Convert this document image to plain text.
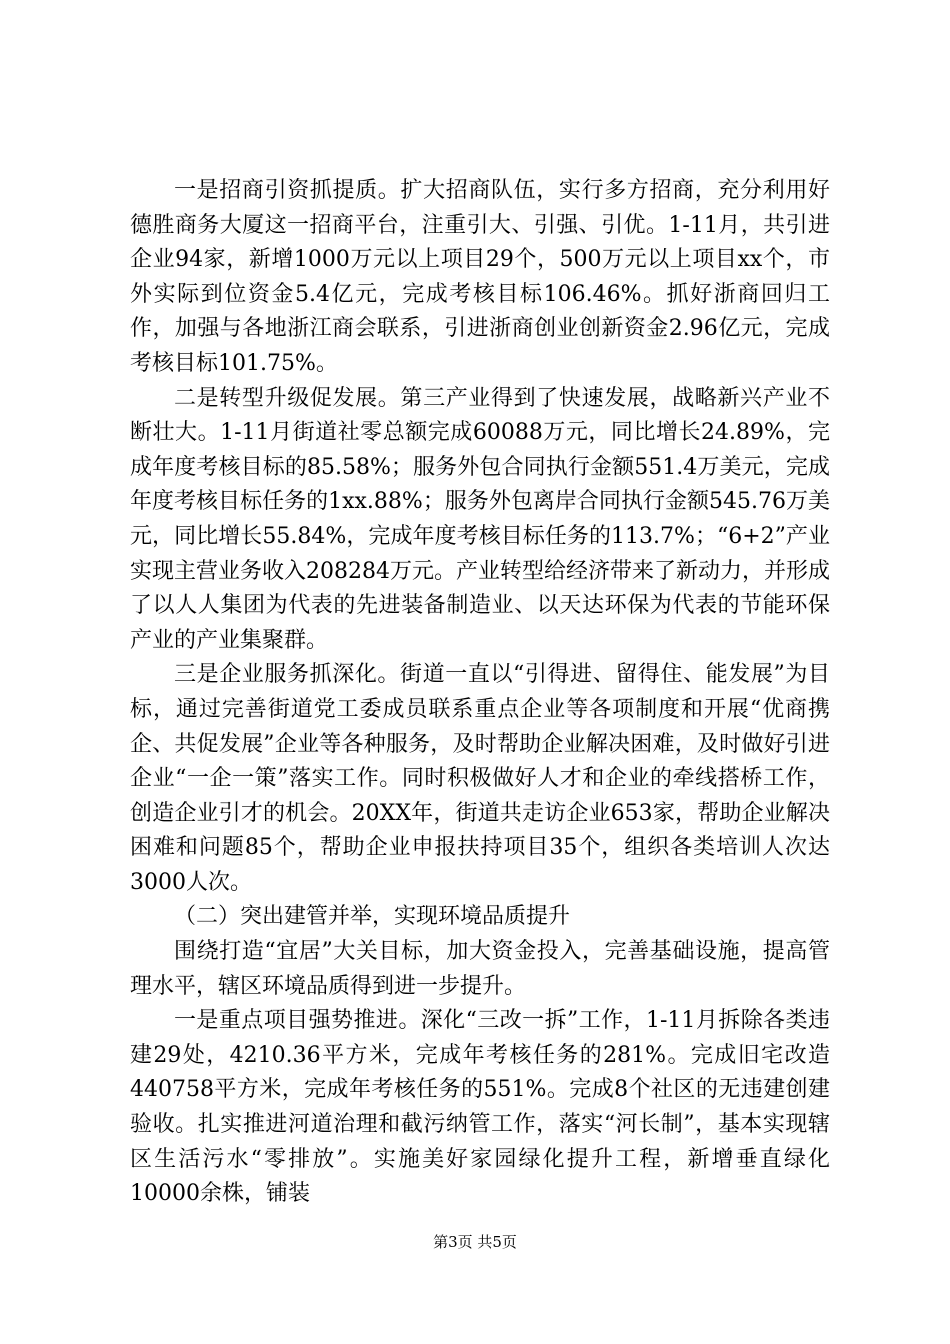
一是招商引资抓提质。扩大招商队伍，实行多方招商，充分利用好德胜商务大厦这一招商平台，注重引大、引强、引优。1-11月，共引进企业94家，新增1000万元以上项目29个，500万元以上项目xx个，市外实际到位资金5.4亿元，完成考核目标106.46%。抓好浙商回归工作，加强与各地浙江商会联系，引进浙商创业创新资金2.96亿元，完成考核目标101.75%。

二是转型升级促发展。第三产业得到了快速发展，战略新兴产业不断壮大。1-11月街道社零总额完成60088万元，同比增长24.89%，完成年度考核目标的85.58%；服务外包合同执行金额551.4万美元，完成年度考核目标任务的1xx.88%；服务外包离岸合同执行金额545.76万美元，同比增长55.84%，完成年度考核目标任务的113.7%；“6+2”产业实现主营业务收入208284万元。产业转型给经济带来了新动力，并形成了以人人集团为代表的先进装备制造业、以天达环保为代表的节能环保产业的产业集聚群。

三是企业服务抓深化。街道一直以“引得进、留得住、能发展”为目标，通过完善街道党工委成员联系重点企业等各项制度和开展“优商携企、共促发展”企业等各种服务，及时帮助企业解决困难，及时做好引进企业“一企一策”落实工作。同时积极做好人才和企业的牵线搭桥工作，创造企业引才的机会。20XX年，街道共走访企业653家，帮助企业解决困难和问题85个，帮助企业申报扶持项目35个，组织各类培训人次达3000人次。

（二）突出建管并举，实现环境品质提升

围绕打造“宜居”大关目标，加大资金投入，完善基础设施，提高管理水平，辖区环境品质得到进一步提升。

一是重点项目强势推进。深化“三改一拆”工作，1-11月拆除各类违建29处，4210.36平方米，完成年考核任务的281%。完成旧宅改造440758平方米，完成年考核任务的551%。完成8个社区的无违建创建验收。扎实推进河道治理和截污纳管工作，落实“河长制”，基本实现辖区生活污水“零排放”。实施美好家园绿化提升工程，新增垂直绿化10000余株，铺装

第3页 共5页
